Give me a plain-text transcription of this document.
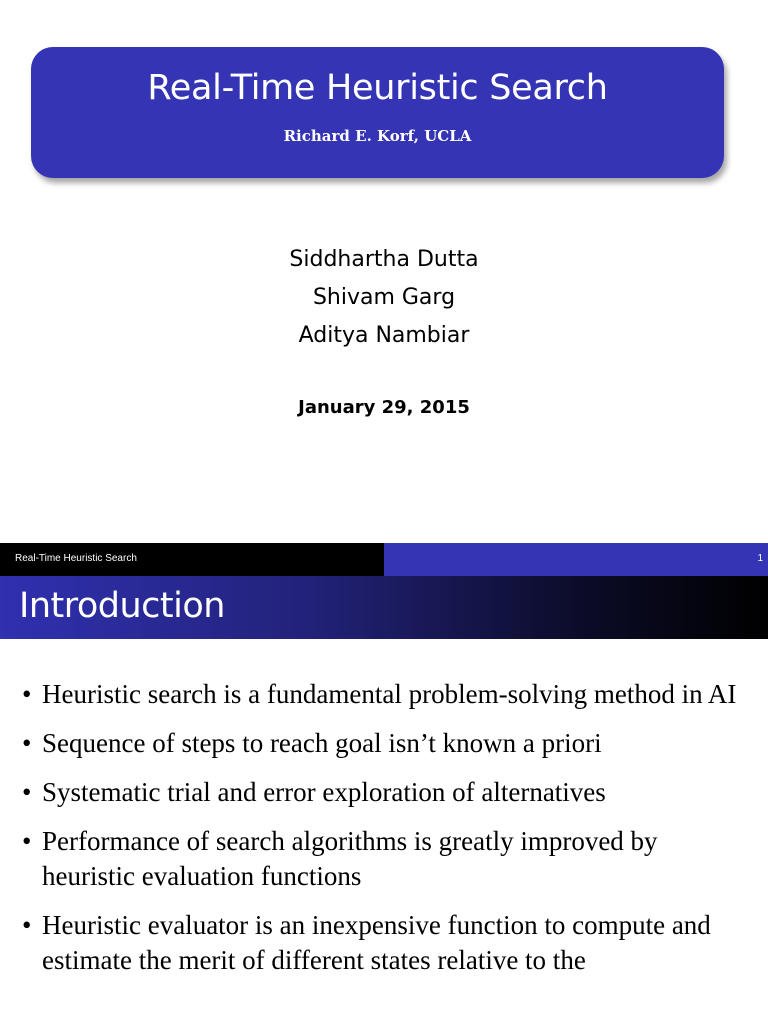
Real-Time Heuristic Search
Richard E. Korf, UCLA
Siddhartha Dutta
Shivam Garg
Aditya Nambiar
January 29, 2015
Real-Time Heuristic Search	1
Introduction
• Heuristic search is a fundamental problem-solving method in AI
• Sequence of steps to reach goal isn’t known a priori
• Systematic trial and error exploration of alternatives
• Performance of search algorithms is greatly improved by heuristic evaluation functions
• Heuristic evaluator is an inexpensive function to compute and estimate the merit of different states relative to the
